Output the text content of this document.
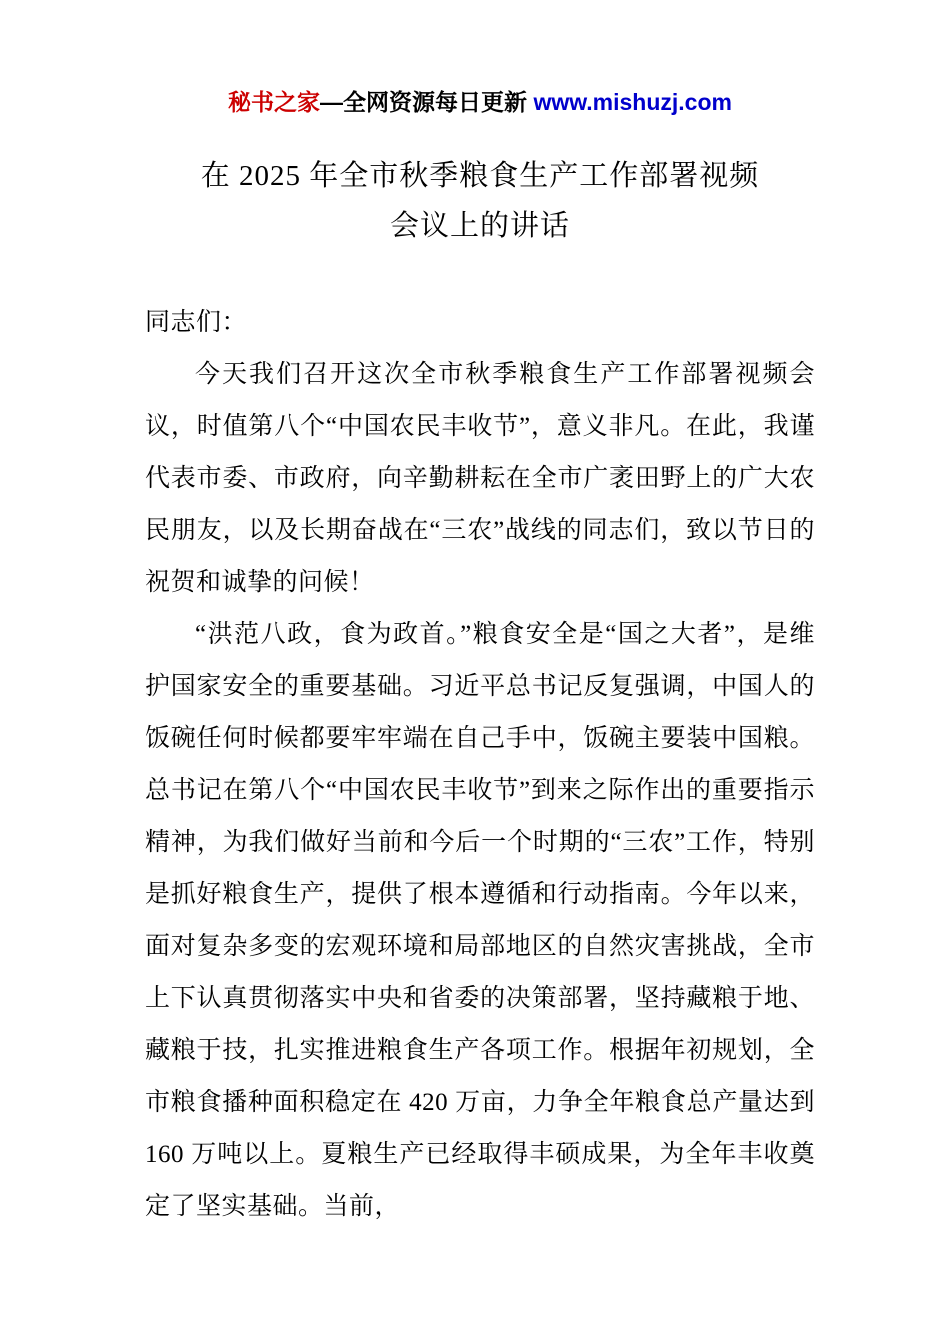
秘书之家—全网资源每日更新 www.mishuzj.com
在 2025 年全市秋季粮食生产工作部署视频
会议上的讲话

同志们：

今天我们召开这次全市秋季粮食生产工作部署视频会议，时值第八个“中国农民丰收节”，意义非凡。在此，我谨代表市委、市政府，向辛勤耕耘在全市广袤田野上的广大农民朋友，以及长期奋战在“三农”战线的同志们，致以节日的祝贺和诚挚的问候！

“洪范八政，食为政首。”粮食安全是“国之大者”，是维护国家安全的重要基础。习近平总书记反复强调，中国人的饭碗任何时候都要牢牢端在自己手中，饭碗主要装中国粮。总书记在第八个“中国农民丰收节”到来之际作出的重要指示精神，为我们做好当前和今后一个时期的“三农”工作，特别是抓好粮食生产，提供了根本遵循和行动指南。今年以来，面对复杂多变的宏观环境和局部地区的自然灾害挑战，全市上下认真贯彻落实中央和省委的决策部署，坚持藏粮于地、藏粮于技，扎实推进粮食生产各项工作。根据年初规划，全市粮食播种面积稳定在 420 万亩，力争全年粮食总产量达到 160 万吨以上。夏粮生产已经取得丰硕成果，为全年丰收奠定了坚实基础。当前，
